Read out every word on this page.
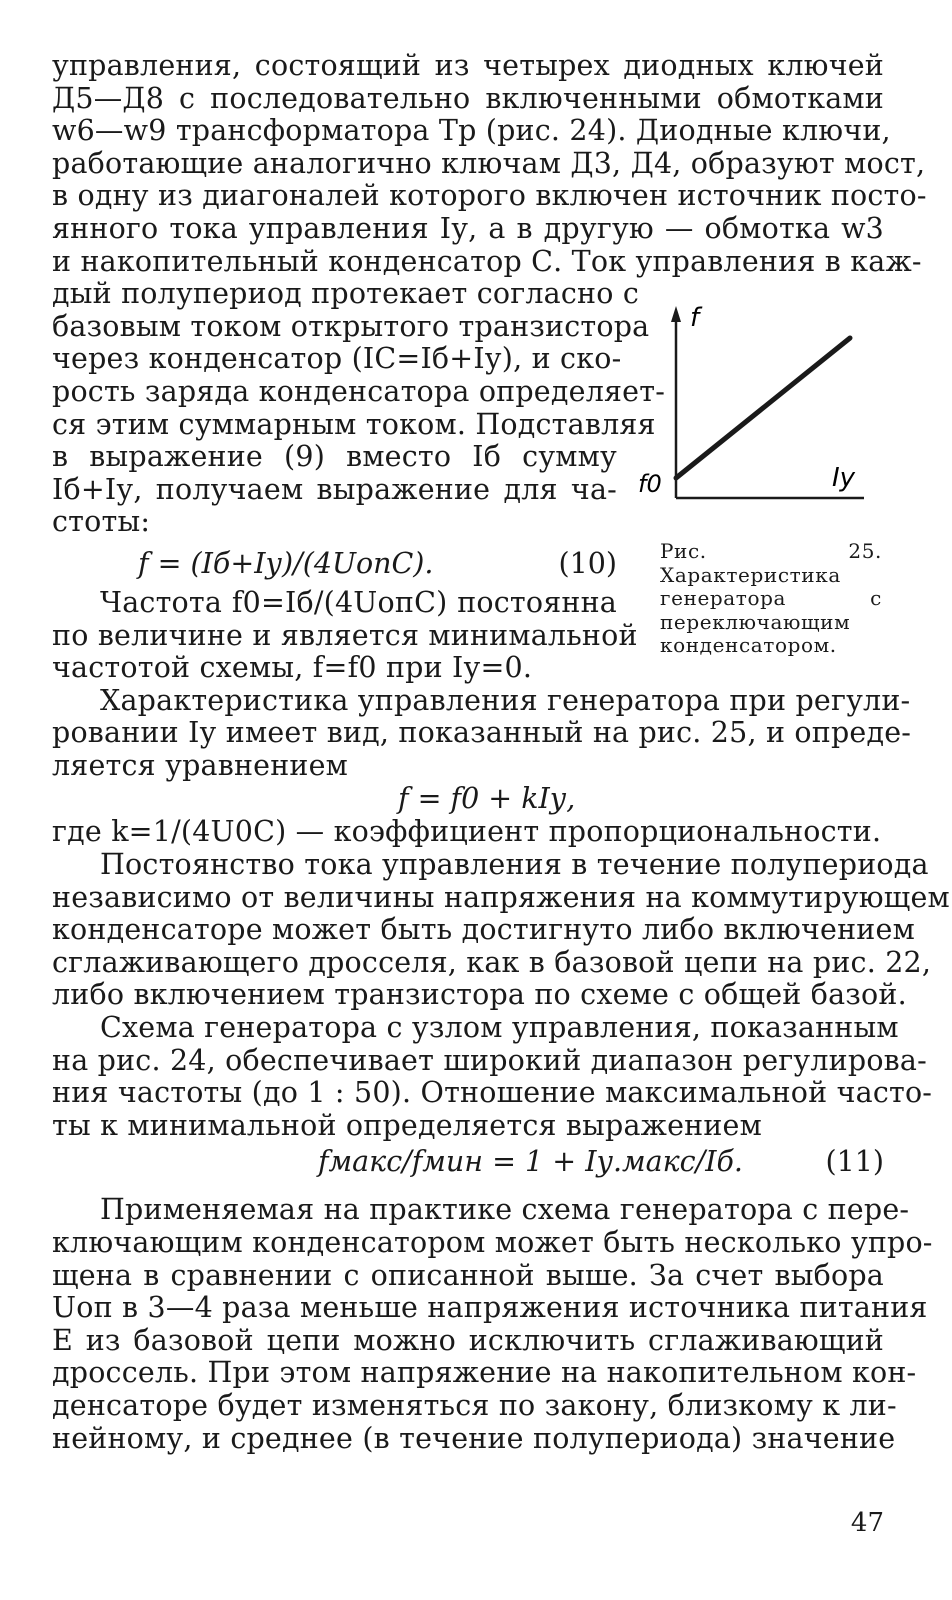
управления, состоящий из четырех диодных ключей
Д5—Д8 с последовательно включенными обмотками
w6—w9 трансформатора Тр (рис. 24). Диодные ключи,
работающие аналогично ключам Д3, Д4, образуют мост,
в одну из диагоналей которого включен источник посто-
янного тока управления Iу, а в другую — обмотка w3
и накопительный конденсатор С. Ток управления в каж-
дый полупериод протекает согласно с
базовым током открытого транзистора
через конденсатор (IC=Iб+Iу), и ско-
рость заряда конденсатора определяет-
ся этим суммарным током. Подставляя
в выражение (9) вместо Iб сумму
Iб+Iу, получаем выражение для ча-
стоты:
f = (Iб+Iу)/(4UопC).	(10)
Частота f0=Iб/(4UопC) постоянна
по величине и является минимальной
частотой схемы, f=f0 при Iу=0.
Характеристика управления генератора при регули-
ровании Iу имеет вид, показанный на рис. 25, и опреде-
ляется уравнением
f = f0 + kIу,
где k=1/(4U0C) — коэффициент пропорциональности.
Постоянство тока управления в течение полупериода
независимо от величины напряжения на коммутирующем
конденсаторе может быть достигнуто либо включением
сглаживающего дросселя, как в базовой цепи на рис. 22,
либо включением транзистора по схеме с общей базой.
Схема генератора с узлом управления, показанным
на рис. 24, обеспечивает широкий диапазон регулирова-
ния частоты (до 1 : 50). Отношение максимальной часто-
ты к минимальной определяется выражением
fмакс/fмин = 1 + Iу.макс/Iб.	(11)
Применяемая на практике схема генератора с пере-
ключающим конденсатором может быть несколько упро-
щена в сравнении с описанной выше. За счет выбора
Uоп в 3—4 раза меньше напряжения источника питания
E из базовой цепи можно исключить сглаживающий
дроссель. При этом напряжение на накопительном кон-
денсаторе будет изменяться по закону, близкому к ли-
нейному, и среднее (в течение полупериода) значение
f
Iу
f0
Рис. 25. Характеристика генератора с переключающим конденсатором.
47
